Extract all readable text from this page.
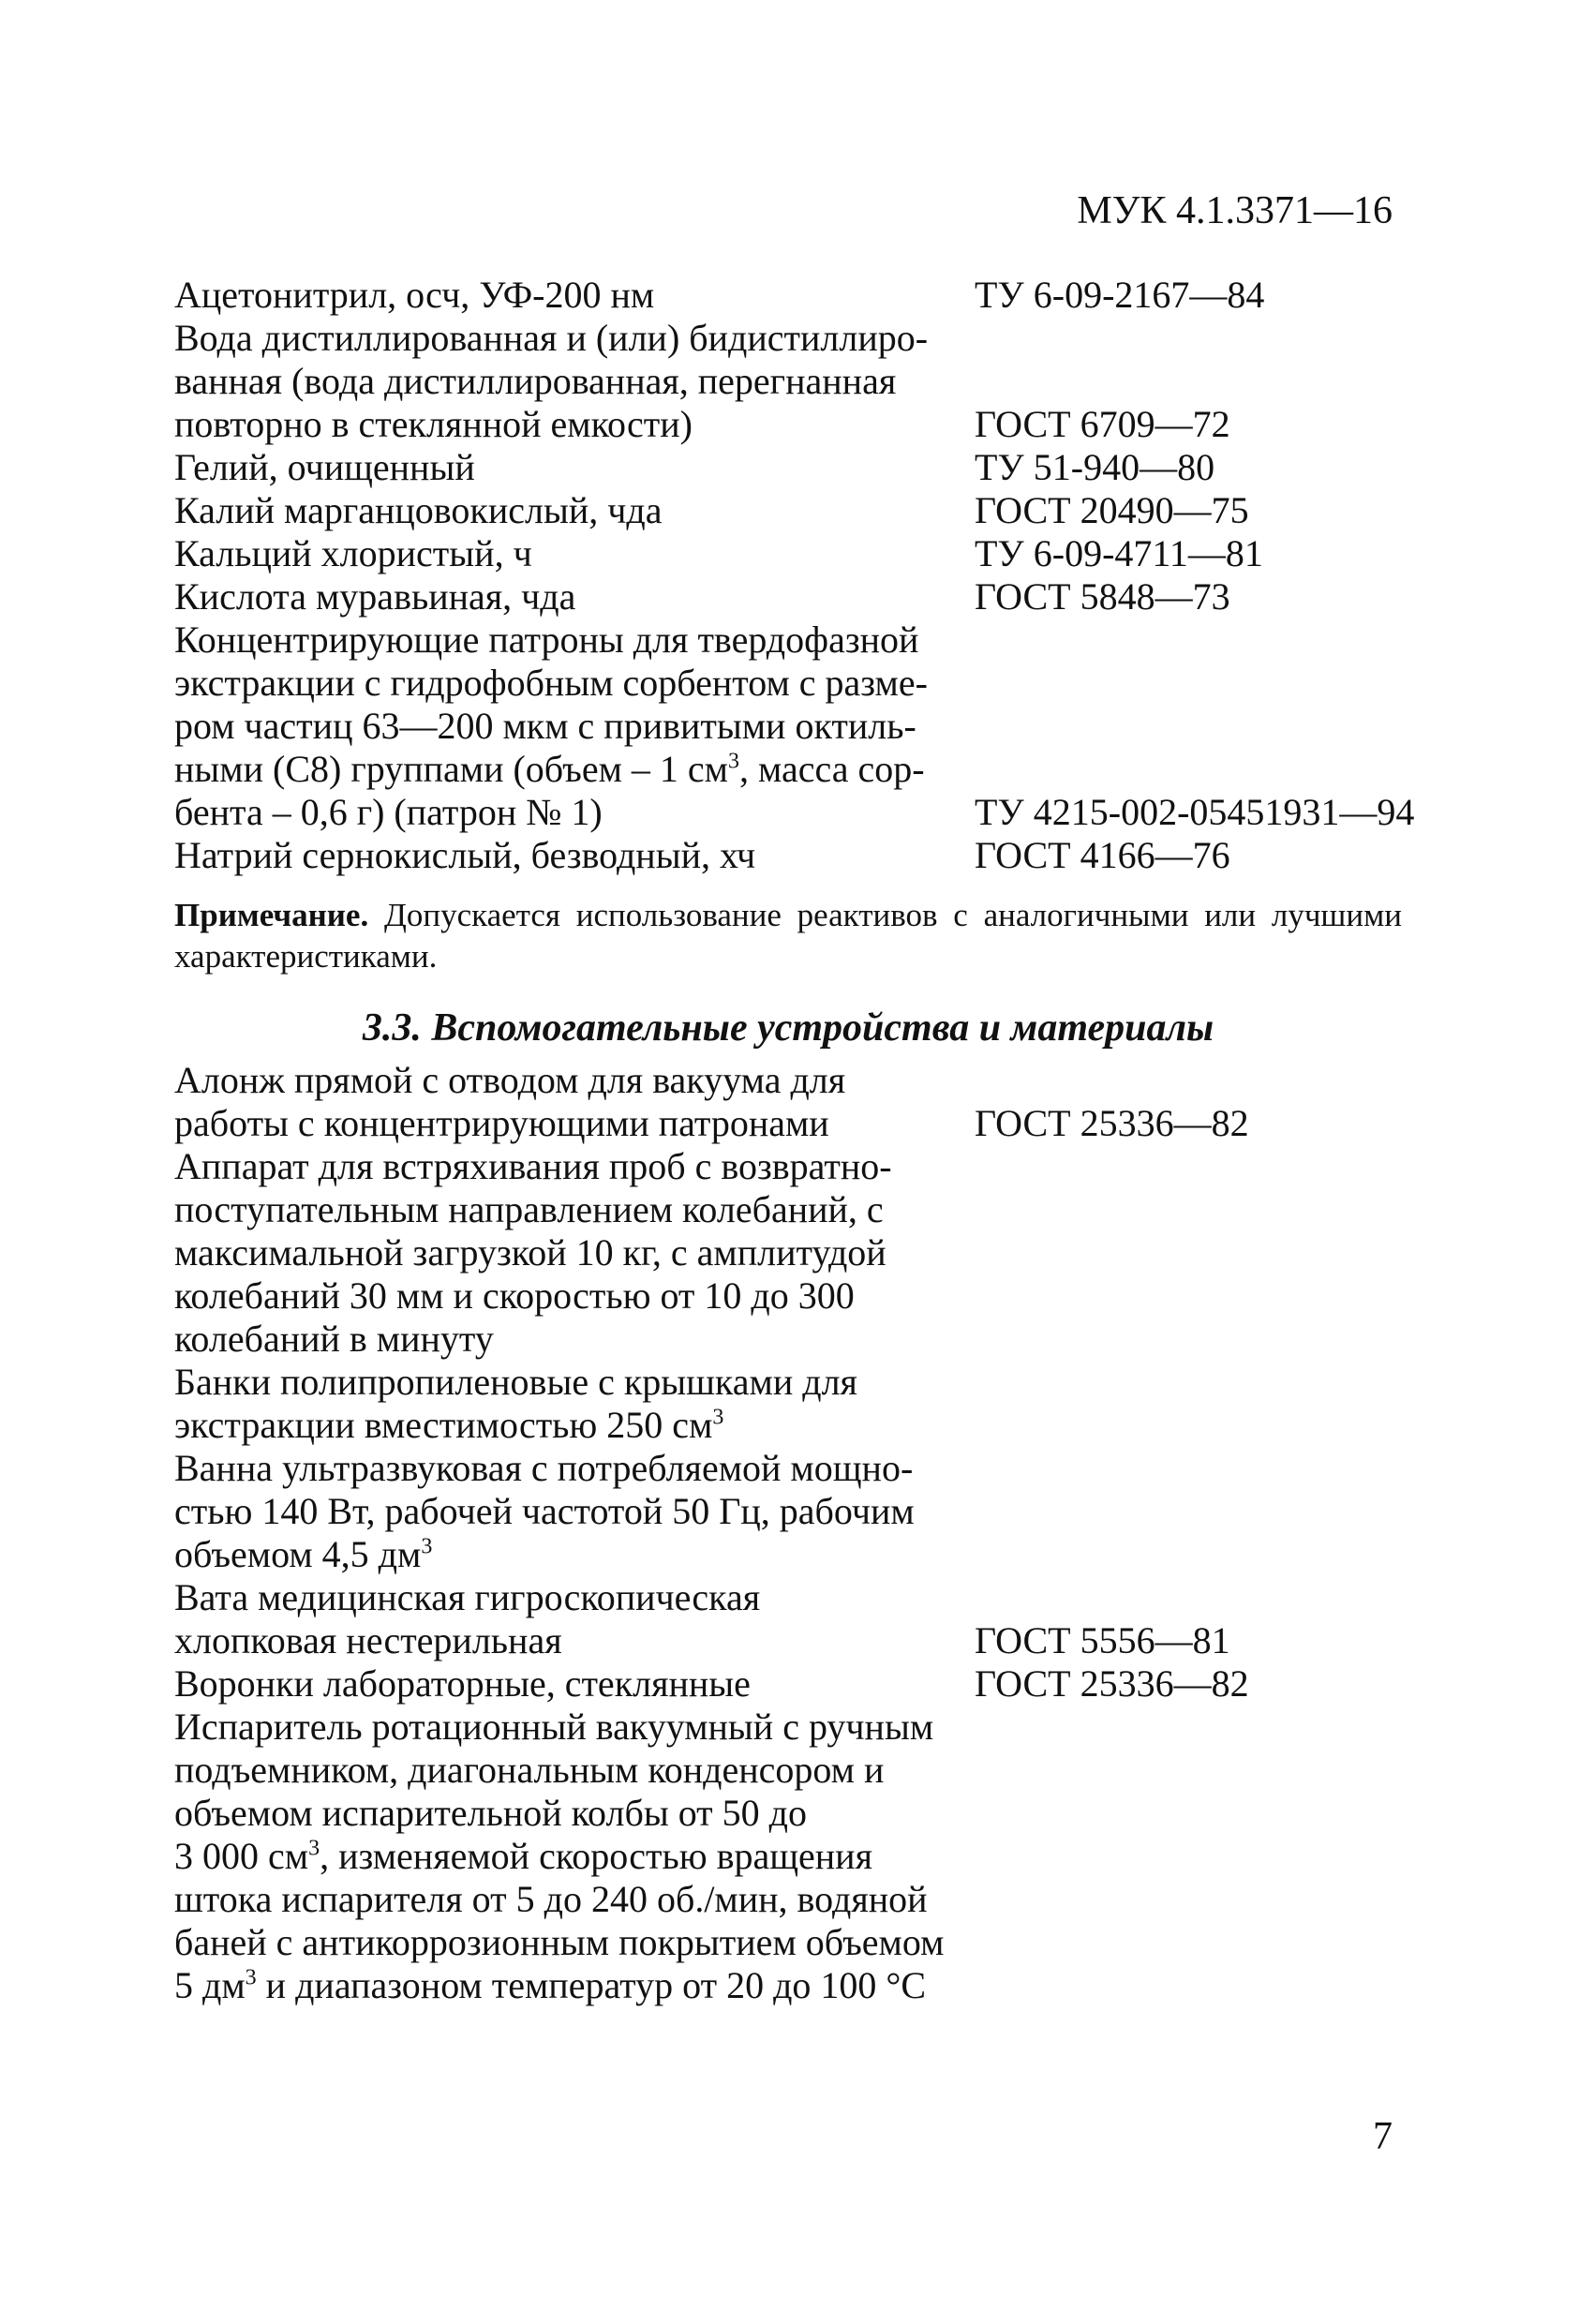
МУК 4.1.3371—16
Ацетонитрил, осч, УФ-200 нм	ТУ 6-09-2167—84
Вода дистиллированная и (или) бидистиллиро-
ванная (вода дистиллированная, перегнанная
повторно в стеклянной емкости)	ГОСТ 6709—72
Гелий, очищенный	ТУ 51-940—80
Калий марганцовокислый, чда	ГОСТ 20490—75
Кальций хлористый, ч	ТУ 6-09-4711—81
Кислота муравьиная, чда	ГОСТ 5848—73
Концентрирующие патроны для твердофазной
экстракции с гидрофобным сорбентом с разме-
ром частиц 63—200 мкм с привитыми октиль-
ными (С8) группами (объем – 1 $см^3$, масса сор-
бента – 0,6 г) (патрон № 1)	ТУ 4215-002-05451931—94
Натрий сернокислый, безводный, хч	ГОСТ 4166—76
Примечание. Допускается использование реактивов с аналогичными или лучшими характеристиками.
3.3. Вспомогательные устройства и материалы
Алонж прямой с отводом для вакуума для
работы с концентрирующими патронами	ГОСТ 25336—82
Аппарат для встряхивания проб с возвратно-
поступательным направлением колебаний, с
максимальной загрузкой 10 кг, с амплитудой
колебаний 30 мм и скоростью от 10 до 300
колебаний в минуту
Банки полипропиленовые с крышками для
экстракции вместимостью 250 $см^3$
Ванна ультразвуковая с потребляемой мощно-
стью 140 Вт, рабочей частотой 50 Гц, рабочим
объемом 4,5 $дм^3$
Вата медицинская гигроскопическая
хлопковая нестерильная	ГОСТ 5556—81
Воронки лабораторные, стеклянные	ГОСТ 25336—82
Испаритель ротационный вакуумный с ручным
подъемником, диагональным конденсором и
объемом испарительной колбы от 50 до
3 000 $см^3$, изменяемой скоростью вращения
штока испарителя от 5 до 240 об./мин, водяной
баней с антикоррозионным покрытием объемом
5 $дм^3$ и диапазоном температур от 20 до 100 °С
7
